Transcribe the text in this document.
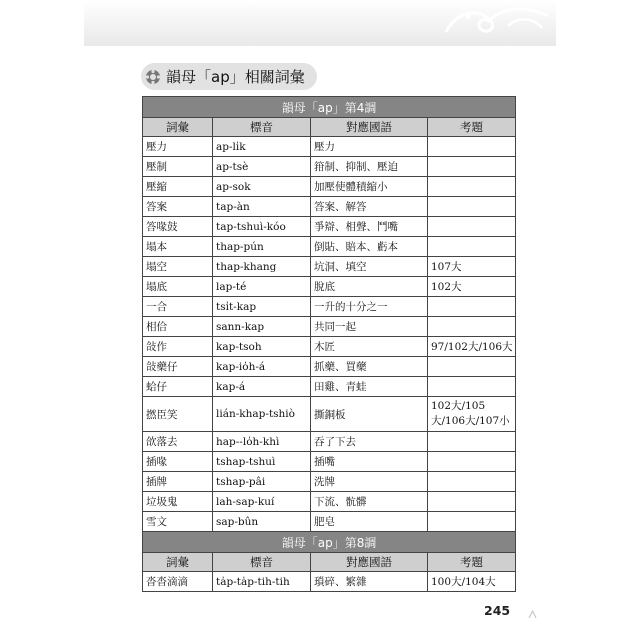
韻母「ap」相關詞彙
韻母「ap」第4調			
詞彙	標音	對應國語	考題
壓力	ap-li̍k	壓力	
壓制	ap-tsè	箝制、抑制、壓迫	
壓縮	ap-sok	加壓使體積縮小	
答案	tap-àn	答案、解答	
答喙鼓	tap-tshuì-kóo	爭辯、相聲、鬥嘴	
塌本	thap-pún	倒貼、賠本、虧本	
塌空	thap-khang	坑洞、填空	107大
塌底	lap-té	脫底	102大
一合	tsi̍t-kap	一升的十分之一	
相佮	sann-kap	共同一起	
敆作	kap-tsoh	木匠	97/102大/106大
敆藥仔	kap-io̍h-á	抓藥、買藥	
蛤仔	kap-á	田雞、青蛙	
撚臣笑	lián-khap-tshiò	撕銅板	102大/105大/106大/107小
欱落去	hap--lo̍h-khì	吞了下去	
插喙	tshap-tshuì	插嘴	
插牌	tshap-pâi	洗牌	
垃圾鬼	lah-sap-kuí	下流、骯髒	
雪文	sap-bûn	肥皂	
韻母「ap」第8調			
詞彙	標音	對應國語	考題
沓沓滴滴	ta̍p-ta̍p-tih-tih	瑣碎、繁雜	100大/104大
245
